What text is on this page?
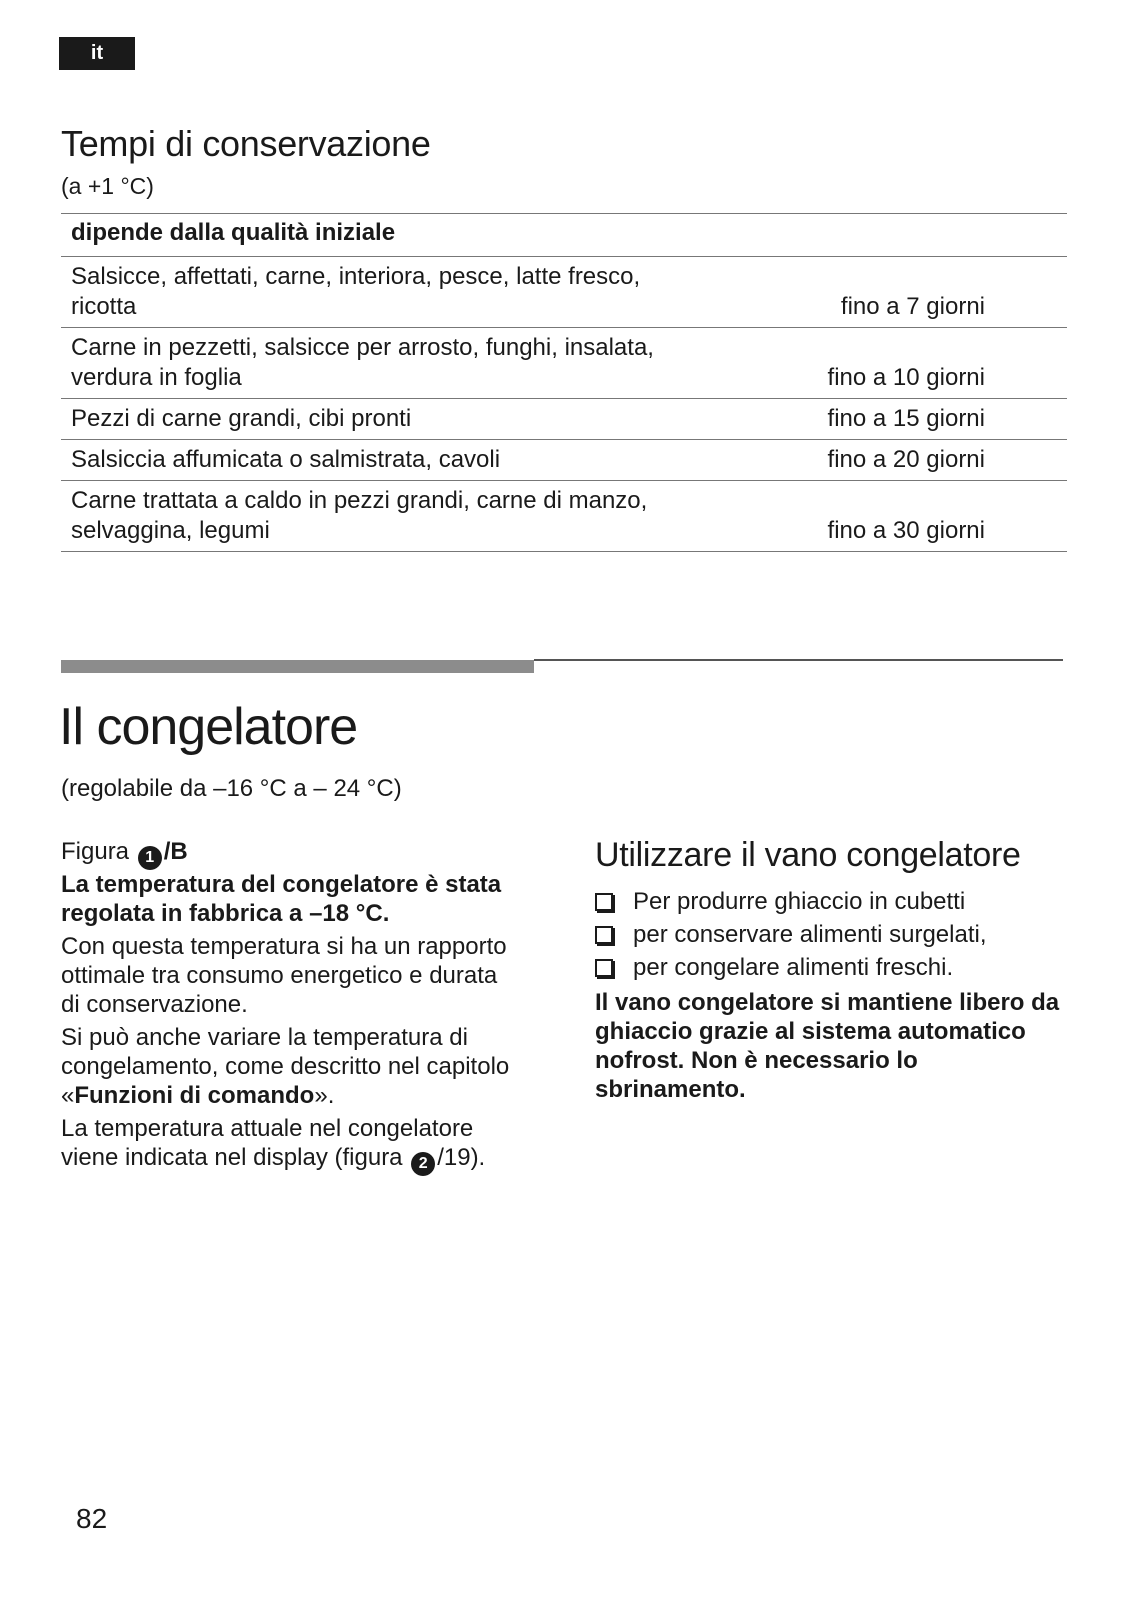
it
Tempi di conservazione
(a +1 °C)
dipende dalla qualità iniziale	
Salsicce, affettati, carne, interiora, pesce, latte fresco,
ricotta	fino a 7 giorni
Carne in pezzetti, salsicce per arrosto, funghi, insalata,
verdura in foglia	fino a 10 giorni
Pezzi di carne grandi, cibi pronti	fino a 15 giorni
Salsiccia affumicata o salmistrata, cavoli	fino a 20 giorni
Carne trattata a caldo in pezzi grandi, carne di manzo,
selvaggina, legumi	fino a 30 giorni
Il congelatore
(regolabile da –16 °C a – 24 °C)
Figura 1 /B

La temperatura del congelatore è stata regolata in fabbrica a –18 °C.

Con questa temperatura si ha un rapporto ottimale tra consumo energetico e durata di conservazione.

Si può anche variare la temperatura di congelamento, come descritto nel capitolo «Funzioni di comando».

La temperatura attuale nel congelatore viene indicata nel display (figura 2 /19).

Utilizzare il vano congelatore
Per produrre ghiaccio in cubetti
per conservare alimenti surgelati,
per congelare alimenti freschi.
Il vano congelatore si mantiene libero da ghiaccio grazie al sistema automatico nofrost. Non è necessario lo sbrinamento.
82
